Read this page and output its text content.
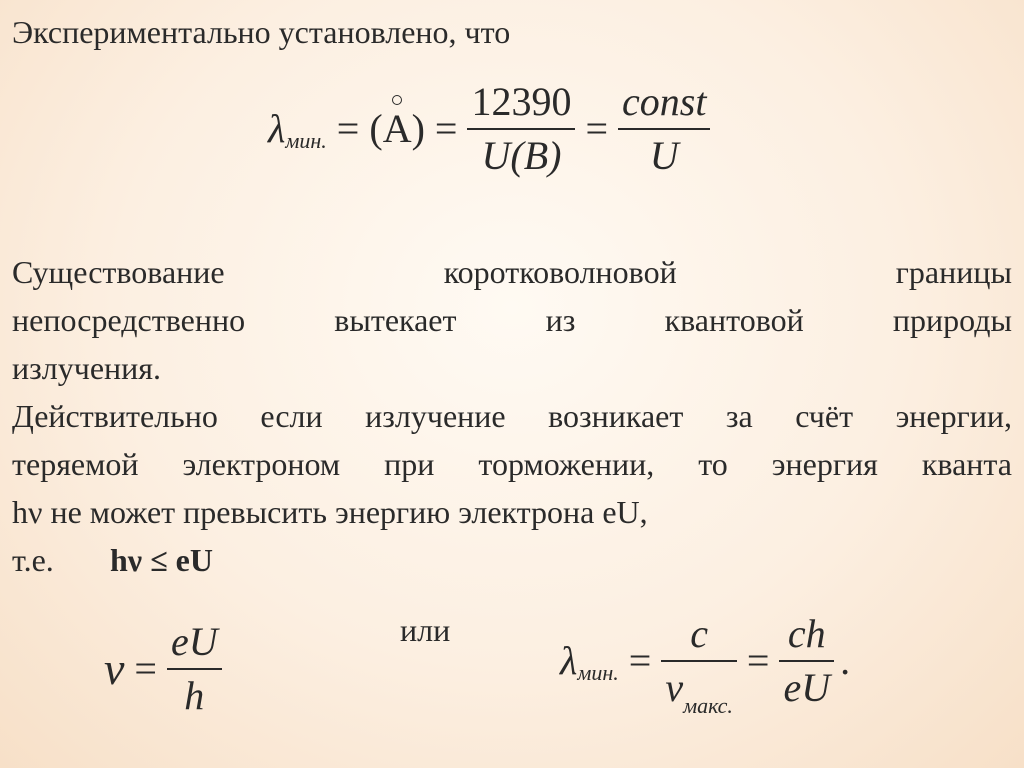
Экспериментально установлено, что
λ мин. = ( A ) = $\frac{12390}{U(B)} = \frac{\text{const}}{U}$
Существование	коротковолновой	границы
непосредственно	вытекает	из	квантовой	природы
излучения.
Действительно если излучение возникает за счёт энергии,
теряемой электроном при торможении, то энергия кванта
hν не может превысить энергию электрона eU,
т.е. hν ≤ eU
или
$\nu = \frac{eU}{h}$	λ мин. = $\frac{c}{\nu_{макс.}} = \frac{ch}{eU}$ .
